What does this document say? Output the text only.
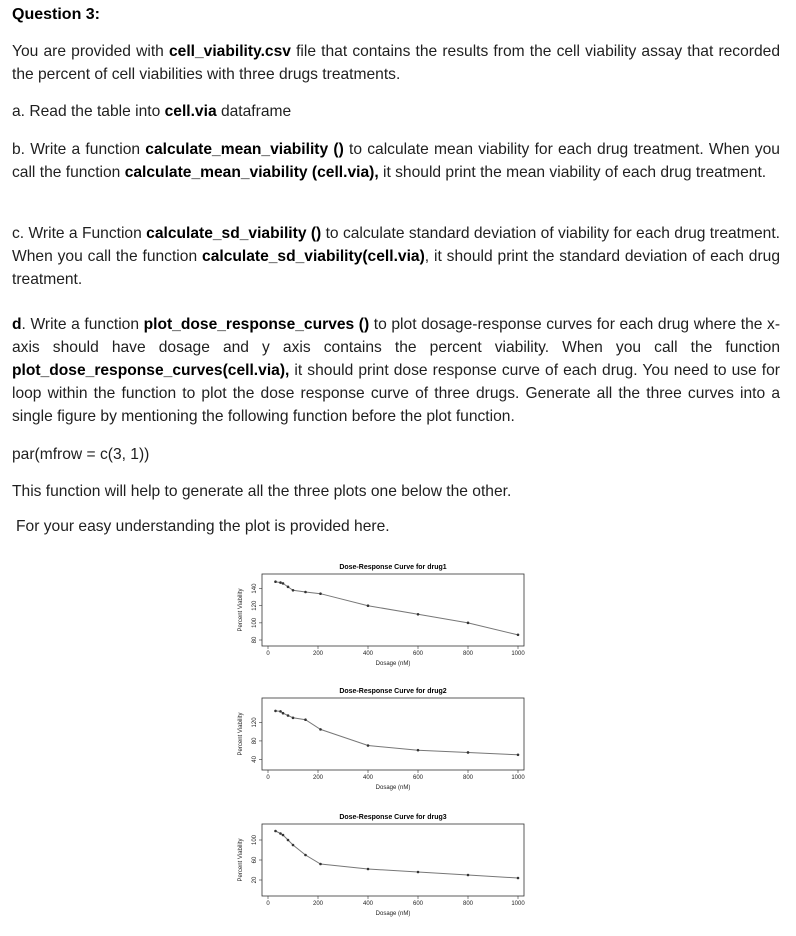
Question 3:
You are provided with cell_viability.csv file that contains the results from the cell viability assay that recorded the percent of cell viabilities with three drugs treatments.
a. Read the table into cell.via dataframe
b. Write a function calculate_mean_viability () to calculate mean viability for each drug treatment. When you call the function calculate_mean_viability (cell.via), it should print the mean viability of each drug treatment.
c. Write a Function calculate_sd_viability () to calculate standard deviation of viability for each drug treatment. When you call the function calculate_sd_viability(cell.via), it should print the standard deviation of each drug treatment.
d. Write a function plot_dose_response_curves () to plot dosage-response curves for each drug where the x-axis should have dosage and y axis contains the percent viability. When you call the function plot_dose_response_curves(cell.via), it should print dose response curve of each drug. You need to use for loop within the function to plot the dose response curve of three drugs. Generate all the three curves into a single figure by mentioning the following function before the plot function.
par(mfrow = c(3, 1))
This function will help to generate all the three plots one below the other.
For your easy understanding the plot is provided here.
Dose-Response Curve for drug1
0	200	400	600	800	1000
80
100
120
140
Dosage (nM)
Percent Viability
Dose-Response Curve for drug2
0	200	400	600	800	1000
40
80
120
Dosage (nM)
Percent Viability
Dose-Response Curve for drug3
0	200	400	600	800	1000
20
60
100
Dosage (nM)
Percent Viability
